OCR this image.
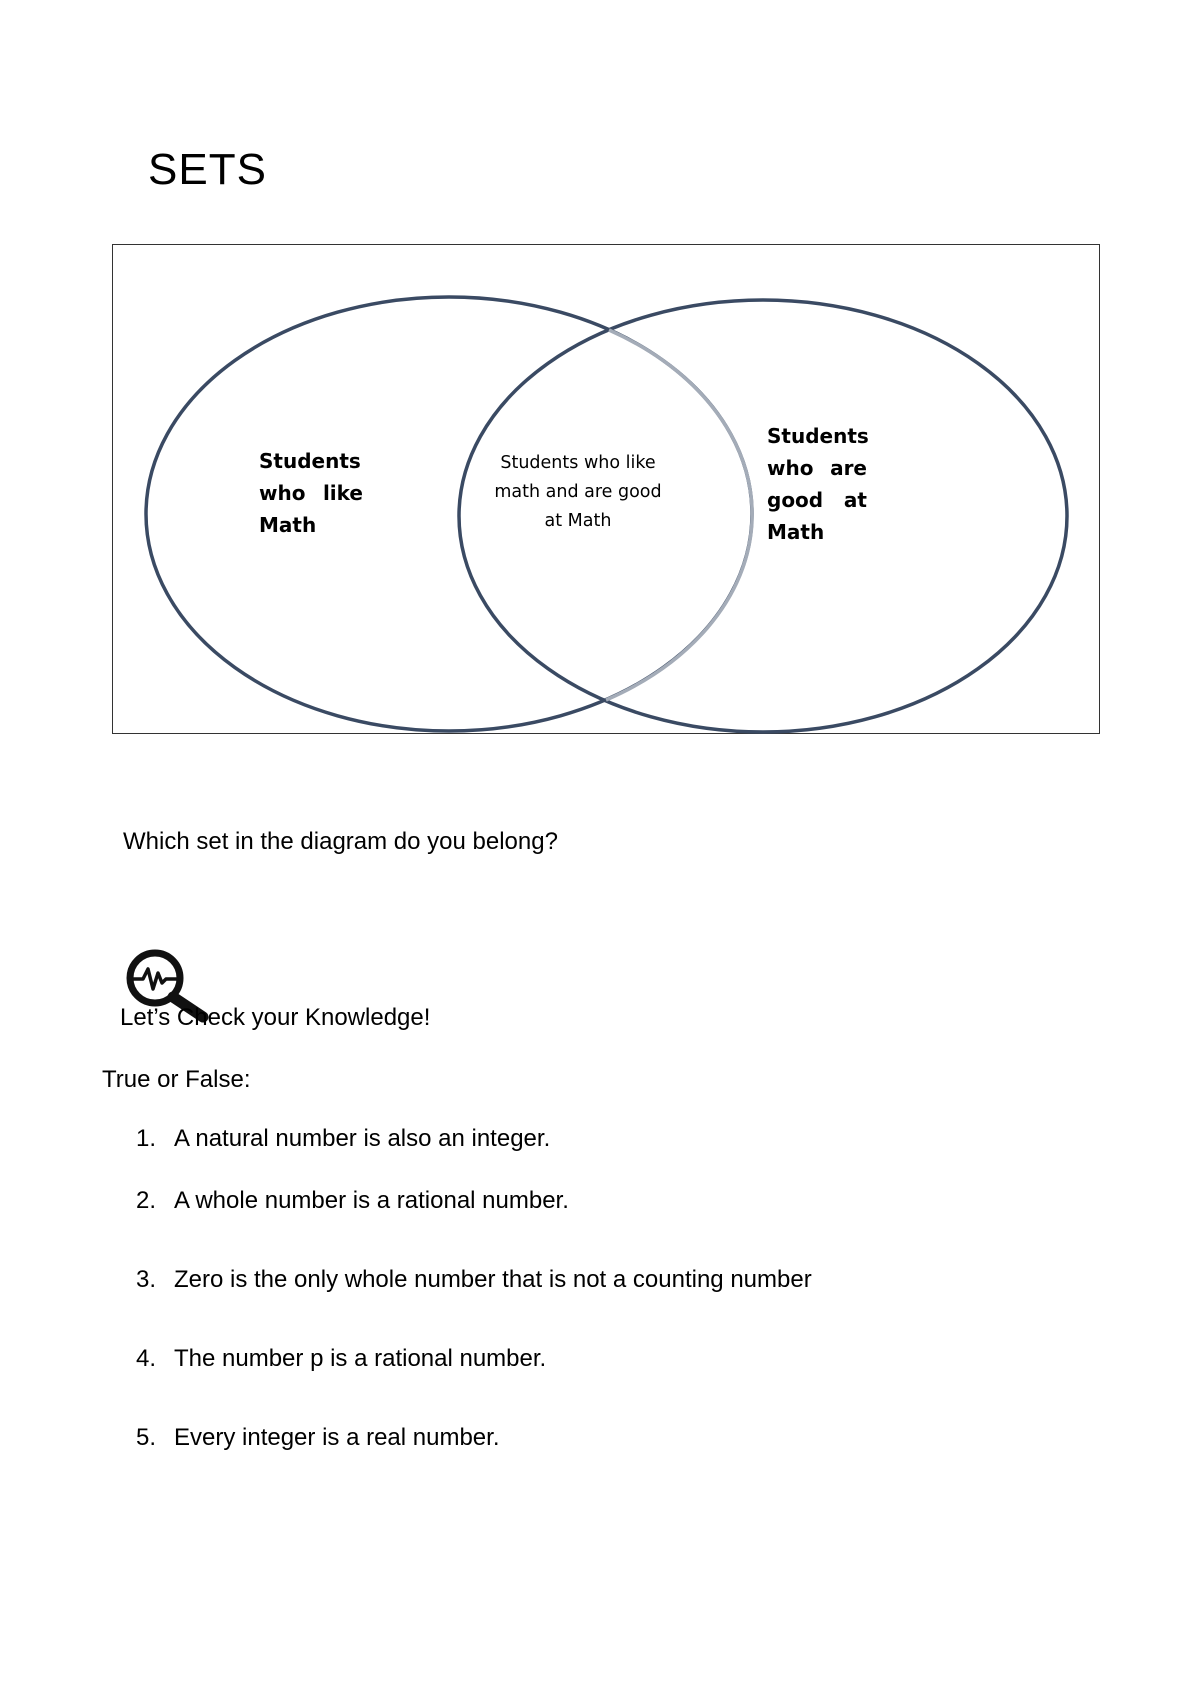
SETS
Students who like Math
Students who like math and are good at Math
Students who are good at Math
Which set in the diagram do you belong?
Let’s Check your Knowledge!
True or False:
1. A natural number is also an integer.
2. A whole number is a rational number.
3. Zero is the only whole number that is not a counting number
4. The number p is a rational number.
5. Every integer is a real number.
